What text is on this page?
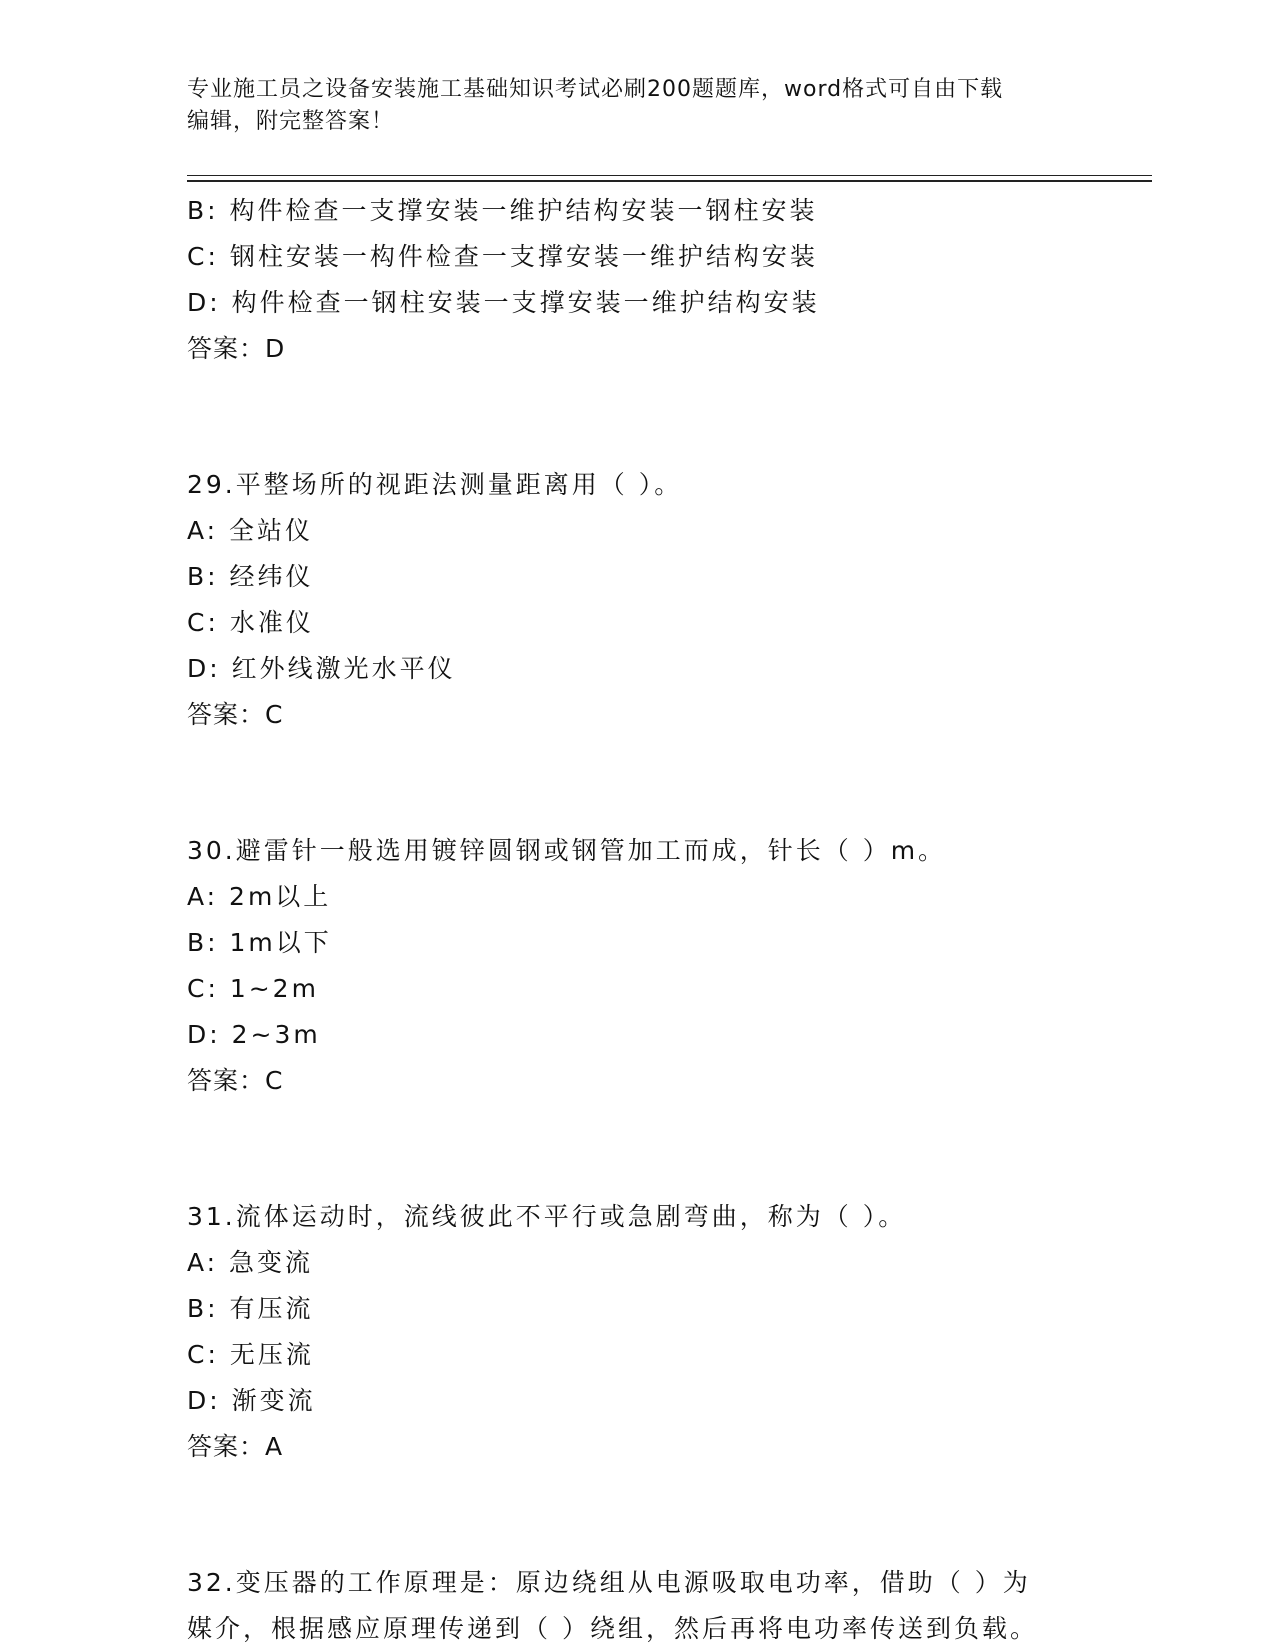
专业施工员之设备安装施工基础知识考试必刷200题题库，word格式可自由下载
编辑，附完整答案！
B: 构件检查一支撑安装一维护结构安装一钢柱安装
C: 钢柱安装一构件检查一支撑安装一维护结构安装
D: 构件检查一钢柱安装一支撑安装一维护结构安装
答案：D
29.平整场所的视距法测量距离用（ ）。
A: 全站仪
B: 经纬仪
C: 水准仪
D: 红外线激光水平仪
答案：C
30.避雷针一般选用镀锌圆钢或钢管加工而成，针长（ ）m。
A: 2m以上
B: 1m以下
C: 1~2m
D: 2~3m
答案：C
31.流体运动时，流线彼此不平行或急剧弯曲，称为（ ）。
A: 急变流
B: 有压流
C: 无压流
D: 渐变流
答案：A
32.变压器的工作原理是：原边绕组从电源吸取电功率，借助（ ）为
媒介，根据感应原理传递到（ ）绕组，然后再将电功率传送到负载。
